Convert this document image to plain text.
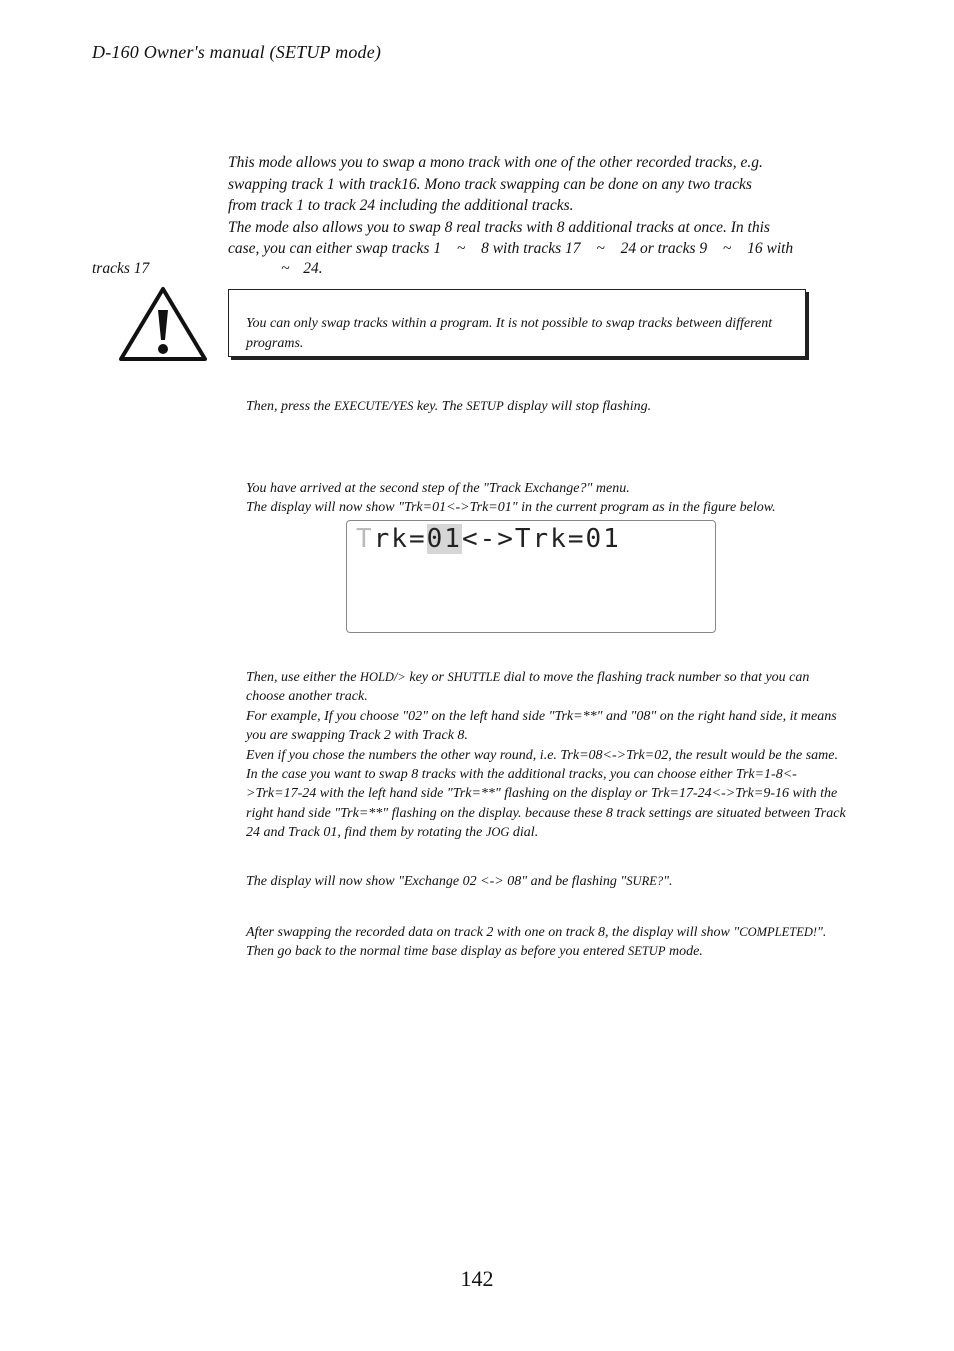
D-160 Owner's manual (SETUP mode)

This mode allows you to swap a mono track with one of the other recorded tracks, e.g.

swapping track 1 with track16. Mono track swapping can be done on any two tracks

from track 1 to track 24 including the additional tracks.

The mode also allows you to swap 8 real tracks with 8 additional tracks at once. In this

case, you can either swap tracks 1 ~ 8 with tracks 17 ~ 24 or tracks 9 ~ 16 with

tracks 17	~ 24.
You can only swap tracks within a program. It is not possible to swap tracks between different programs.
Then, press the EXECUTE/YES key. The SETUP display will stop flashing.

You have arrived at the second step of the "Track Exchange?" menu.

The display will now show "Trk=01<->Trk=01" in the current program as in the figure below.

Trk=01<->Trk=01

Then, use either the HOLD/> key or SHUTTLE dial to move the flashing track number so that you can choose another track.

For example, If you choose "02" on the left hand side "Trk=**" and "08" on the right hand side, it means you are swapping Track 2 with Track 8.

Even if you chose the numbers the other way round, i.e. Trk=08<->Trk=02, the result would be the same. In the case you want to swap 8 tracks with the additional tracks, you can choose either Trk=1-8<->Trk=17-24 with the left hand side "Trk=**" flashing on the display or Trk=17-24<->Trk=9-16 with the right hand side "Trk=**" flashing on the display. because these 8 track settings are situated between Track 24 and Track 01, find them by rotating the JOG dial.

The display will now show "Exchange 02 <-> 08" and be flashing "SURE?".
After swapping the recorded data on track 2 with one on track 8, the display will show "COMPLETED!". Then go back to the normal time base display as before you entered SETUP mode.
142
